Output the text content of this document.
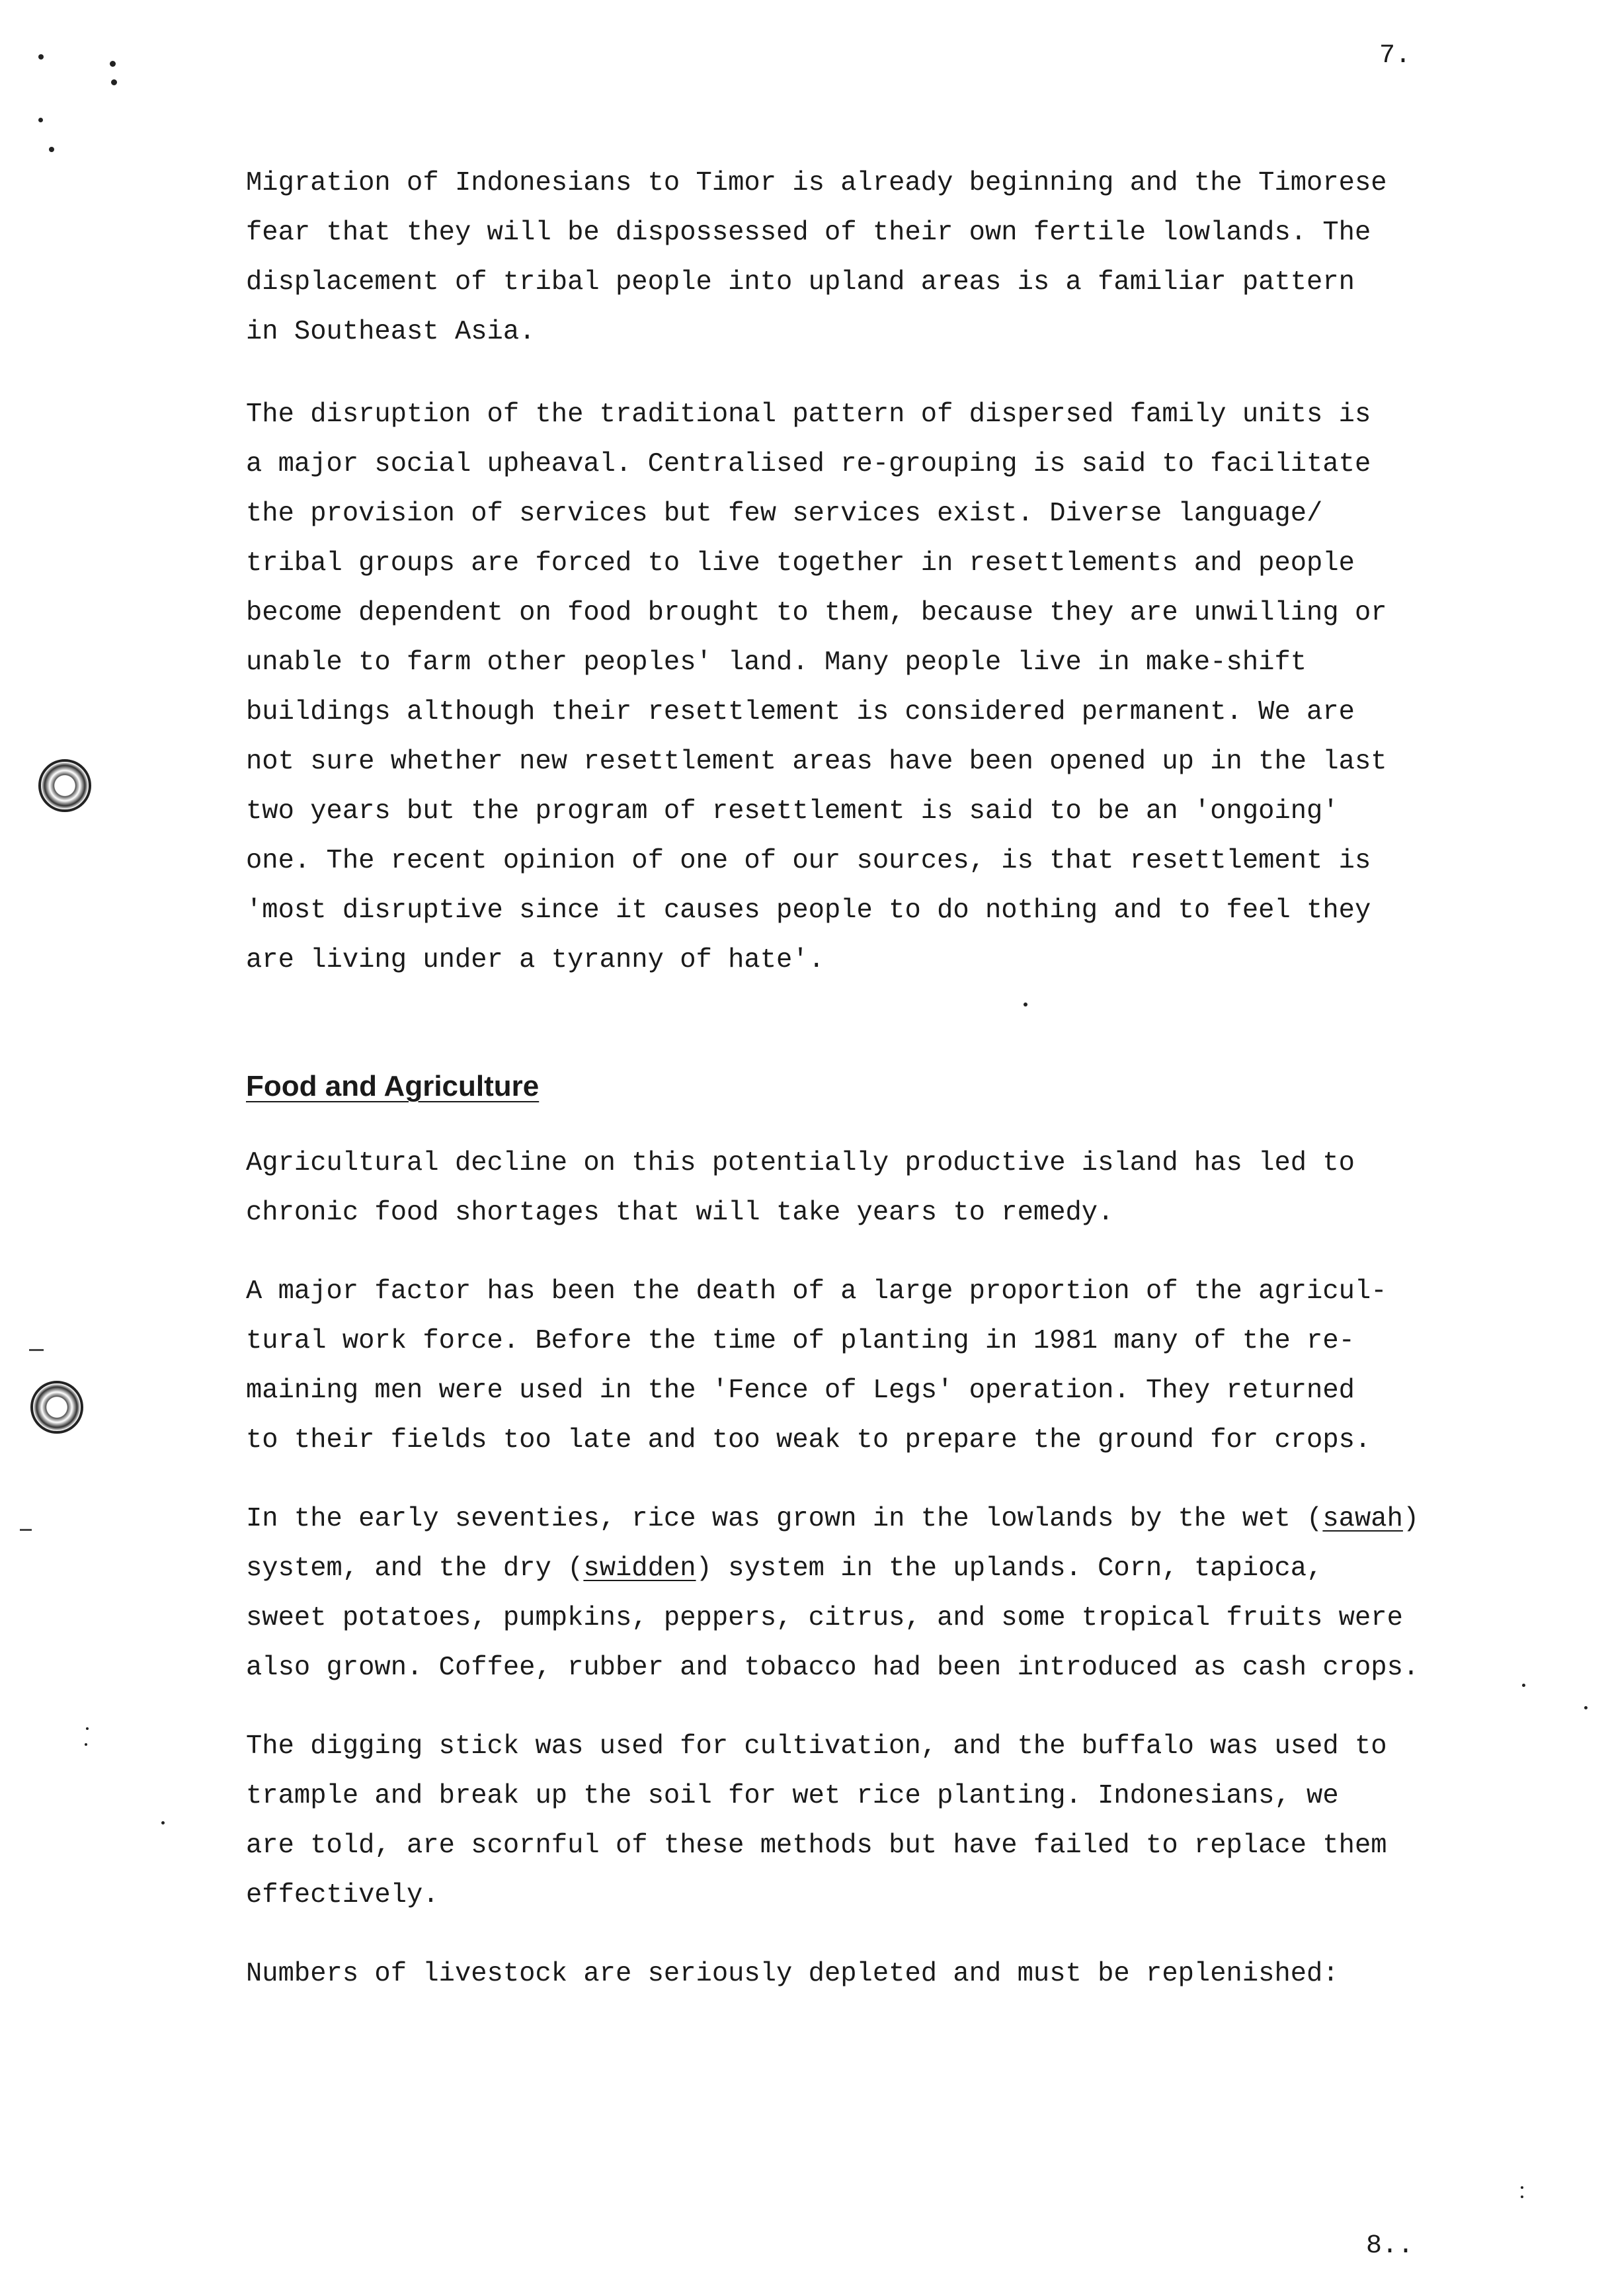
7.
8..

Migration of Indonesians to Timor is already beginning and the Timorese
fear that they will be dispossessed of their own fertile lowlands. The
displacement of tribal people into upland areas is a familiar pattern
in Southeast Asia.

The disruption of the traditional pattern of dispersed family units is
a major social upheaval. Centralised re-grouping is said to facilitate
the provision of services but few services exist. Diverse language/
tribal groups are forced to live together in resettlements and people
become dependent on food brought to them, because they are unwilling or
unable to farm other peoples' land. Many people live in make-shift
buildings although their resettlement is considered permanent. We are
not sure whether new resettlement areas have been opened up in the last
two years but the program of resettlement is said to be an 'ongoing'
one. The recent opinion of one of our sources, is that resettlement is
'most disruptive since it causes people to do nothing and to feel they
are living under a tyranny of hate'.

Food and Agriculture

Agricultural decline on this potentially productive island has led to
chronic food shortages that will take years to remedy.

A major factor has been the death of a large proportion of the agricul-
tural work force. Before the time of planting in 1981 many of the re-
maining men were used in the 'Fence of Legs' operation. They returned
to their fields too late and too weak to prepare the ground for crops.

In the early seventies, rice was grown in the lowlands by the wet (sawah)
system, and the dry (swidden) system in the uplands. Corn, tapioca,
sweet potatoes, pumpkins, peppers, citrus, and some tropical fruits were
also grown. Coffee, rubber and tobacco had been introduced as cash crops.

The digging stick was used for cultivation, and the buffalo was used to
trample and break up the soil for wet rice planting. Indonesians, we
are told, are scornful of these methods but have failed to replace them
effectively.

Numbers of livestock are seriously depleted and must be replenished:
